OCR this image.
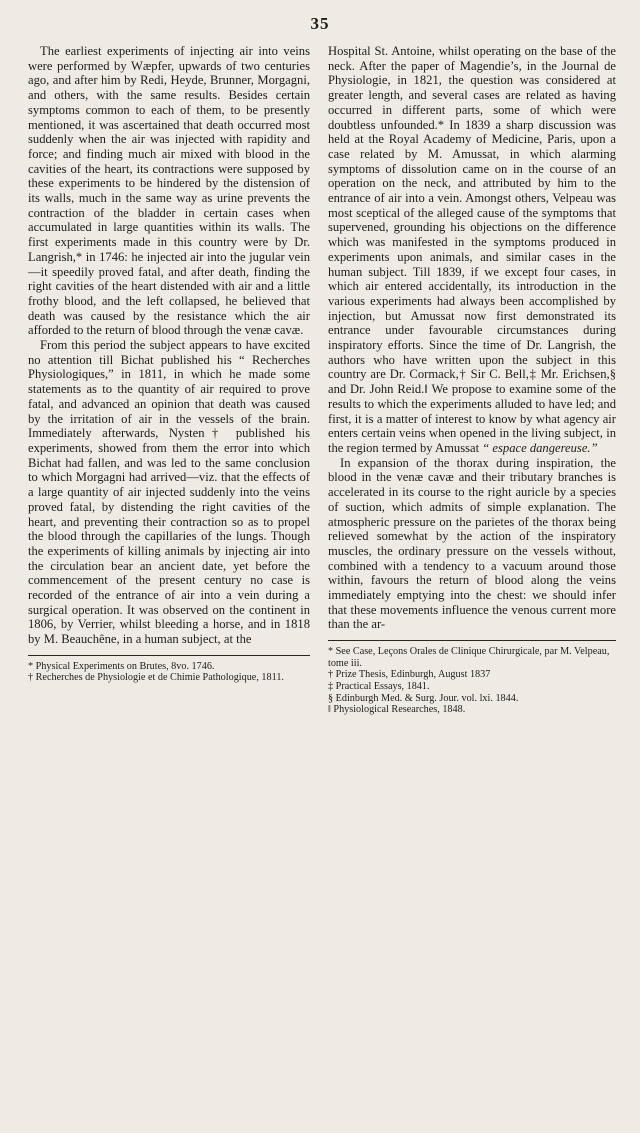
35

The earliest experiments of injecting air into veins were performed by Wæpfer, upwards of two centuries ago, and after him by Redi, Heyde, Brunner, Morgagni, and others, with the same results. Besides certain symptoms common to each of them, to be presently mentioned, it was ascertained that death occurred most suddenly when the air was injected with rapidity and force; and finding much air mixed with blood in the cavities of the heart, its contractions were supposed by these experiments to be hindered by the distension of its walls, much in the same way as urine prevents the contraction of the bladder in certain cases when accumulated in large quantities within its walls. The first experiments made in this country were by Dr. Langrish,* in 1746: he injected air into the jugular vein—it speedily proved fatal, and after death, finding the right cavities of the heart distended with air and a little frothy blood, and the left collapsed, he believed that death was caused by the resistance which the air afforded to the return of blood through the venæ cavæ.

From this period the subject appears to have excited no attention till Bichat published his “ Recherches Physiologiques,” in 1811, in which he made some statements as to the quantity of air required to prove fatal, and advanced an opinion that death was caused by the irritation of air in the vessels of the brain. Immediately afterwards, Nysten† published his experiments, showed from them the error into which Bichat had fallen, and was led to the same conclusion to which Morgagni had arrived—viz. that the effects of a large quantity of air injected suddenly into the veins proved fatal, by distending the right cavities of the heart, and preventing their contraction so as to propel the blood through the capillaries of the lungs. Though the experiments of killing animals by injecting air into the circulation bear an ancient date, yet before the commencement of the present century no case is recorded of the entrance of air into a vein during a surgical operation. It was observed on the continent in 1806, by Verrier, whilst bleeding a horse, and in 1818 by M. Beauchêne, in a human subject, at the

* Physical Experiments on Brutes, 8vo. 1746.
† Recherches de Physiologie et de Chimie Pathologique, 1811.

Hospital St. Antoine, whilst operating on the base of the neck. After the paper of Magendie’s, in the Journal de Physiologie, in 1821, the question was considered at greater length, and several cases are related as having occurred in different parts, some of which were doubtless unfounded.* In 1839 a sharp discussion was held at the Royal Academy of Medicine, Paris, upon a case related by M. Amussat, in which alarming symptoms of dissolution came on in the course of an operation on the neck, and attributed by him to the entrance of air into a vein. Amongst others, Velpeau was most sceptical of the alleged cause of the symptoms that supervened, grounding his objections on the difference which was manifested in the symptoms produced in experiments upon animals, and similar cases in the human subject. Till 1839, if we except four cases, in which air entered accidentally, its introduction in the various experiments had always been accomplished by injection, but Amussat now first demonstrated its entrance under favourable circumstances during inspiratory efforts. Since the time of Dr. Langrish, the authors who have written upon the subject in this country are Dr. Cormack,† Sir C. Bell,‡ Mr. Erichsen,§ and Dr. John Reid.‖ We propose to examine some of the results to which the experiments alluded to have led; and first, it is a matter of interest to know by what agency air enters certain veins when opened in the living subject, in the region termed by Amussat “ espace dangereuse.”

In expansion of the thorax during inspiration, the blood in the venæ cavæ and their tributary branches is accelerated in its course to the right auricle by a species of suction, which admits of simple explanation. The atmospheric pressure on the parietes of the thorax being relieved somewhat by the action of the inspiratory muscles, the ordinary pressure on the vessels without, combined with a tendency to a vacuum around those within, favours the return of blood along the veins immediately emptying into the chest: we should infer that these movements influence the venous current more than the ar-

* See Case, Leçons Orales de Clinique Chirurgicale, par M. Velpeau, tome iii.
† Prize Thesis, Edinburgh, August 1837
‡ Practical Essays, 1841.
§ Edinburgh Med. & Surg. Jour. vol. lxi. 1844.
‖ Physiological Researches, 1848.
